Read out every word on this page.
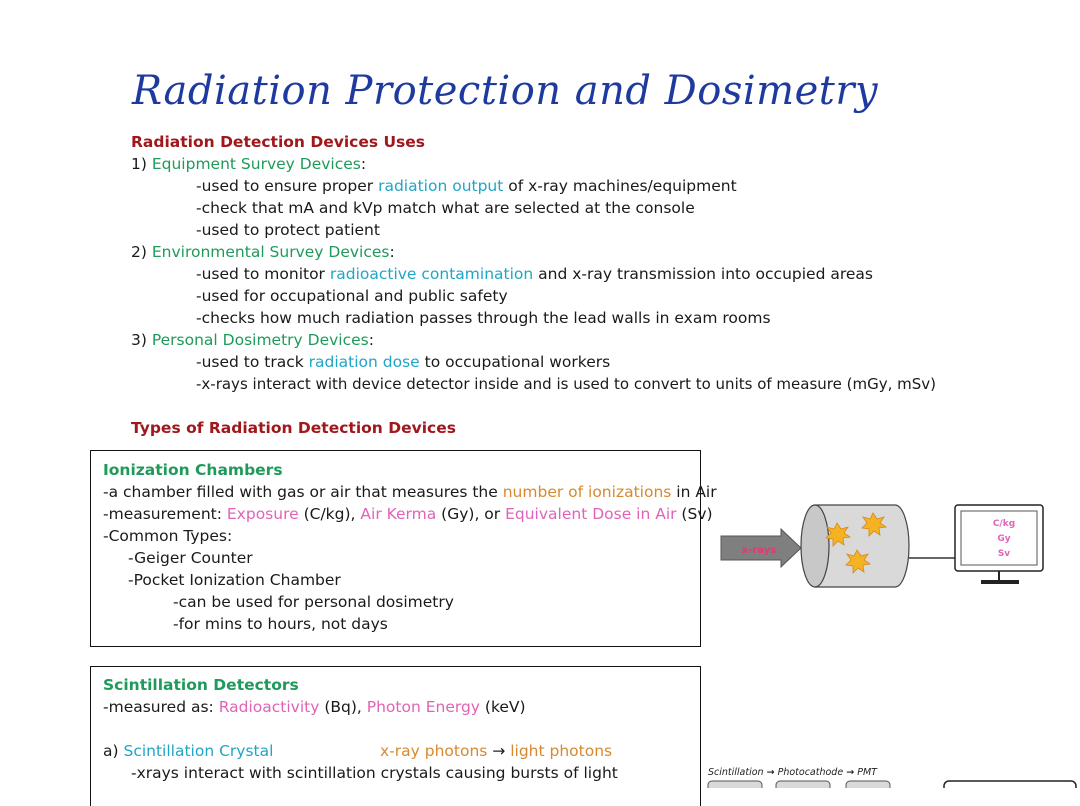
Radiation Protection and Dosimetry
Radiation Detection Devices Uses
1) Equipment Survey Devices:
-used to ensure proper radiation output of x-ray machines/equipment
-check that mA and kVp match what are selected at the console
-used to protect patient
2) Environmental Survey Devices:
-used to monitor radioactive contamination and x-ray transmission into occupied areas
-used for occupational and public safety
-checks how much radiation passes through the lead walls in exam rooms
3) Personal Dosimetry Devices:
-used to track radiation dose to occupational workers
-x-rays interact with device detector inside and is used to convert to units of measure (mGy, mSv)
Types of Radiation Detection Devices
Ionization Chambers
-a chamber filled with gas or air that measures the number of ionizations in Air
-measurement: Exposure (C/kg), Air Kerma (Gy), or Equivalent Dose in Air (Sv)
-Common Types:
-Geiger Counter
-Pocket Ionization Chamber
-can be used for personal dosimetry
-for mins to hours, not days
x-rays
C/kg
Gy
Sv
Scintillation Detectors
-measured as: Radioactivity (Bq), Photon Energy (keV)
a) Scintillation Crystal	x-ray photons → light photons
-xrays interact with scintillation crystals causing bursts of light	Scintillation → Photocathode → PMT
